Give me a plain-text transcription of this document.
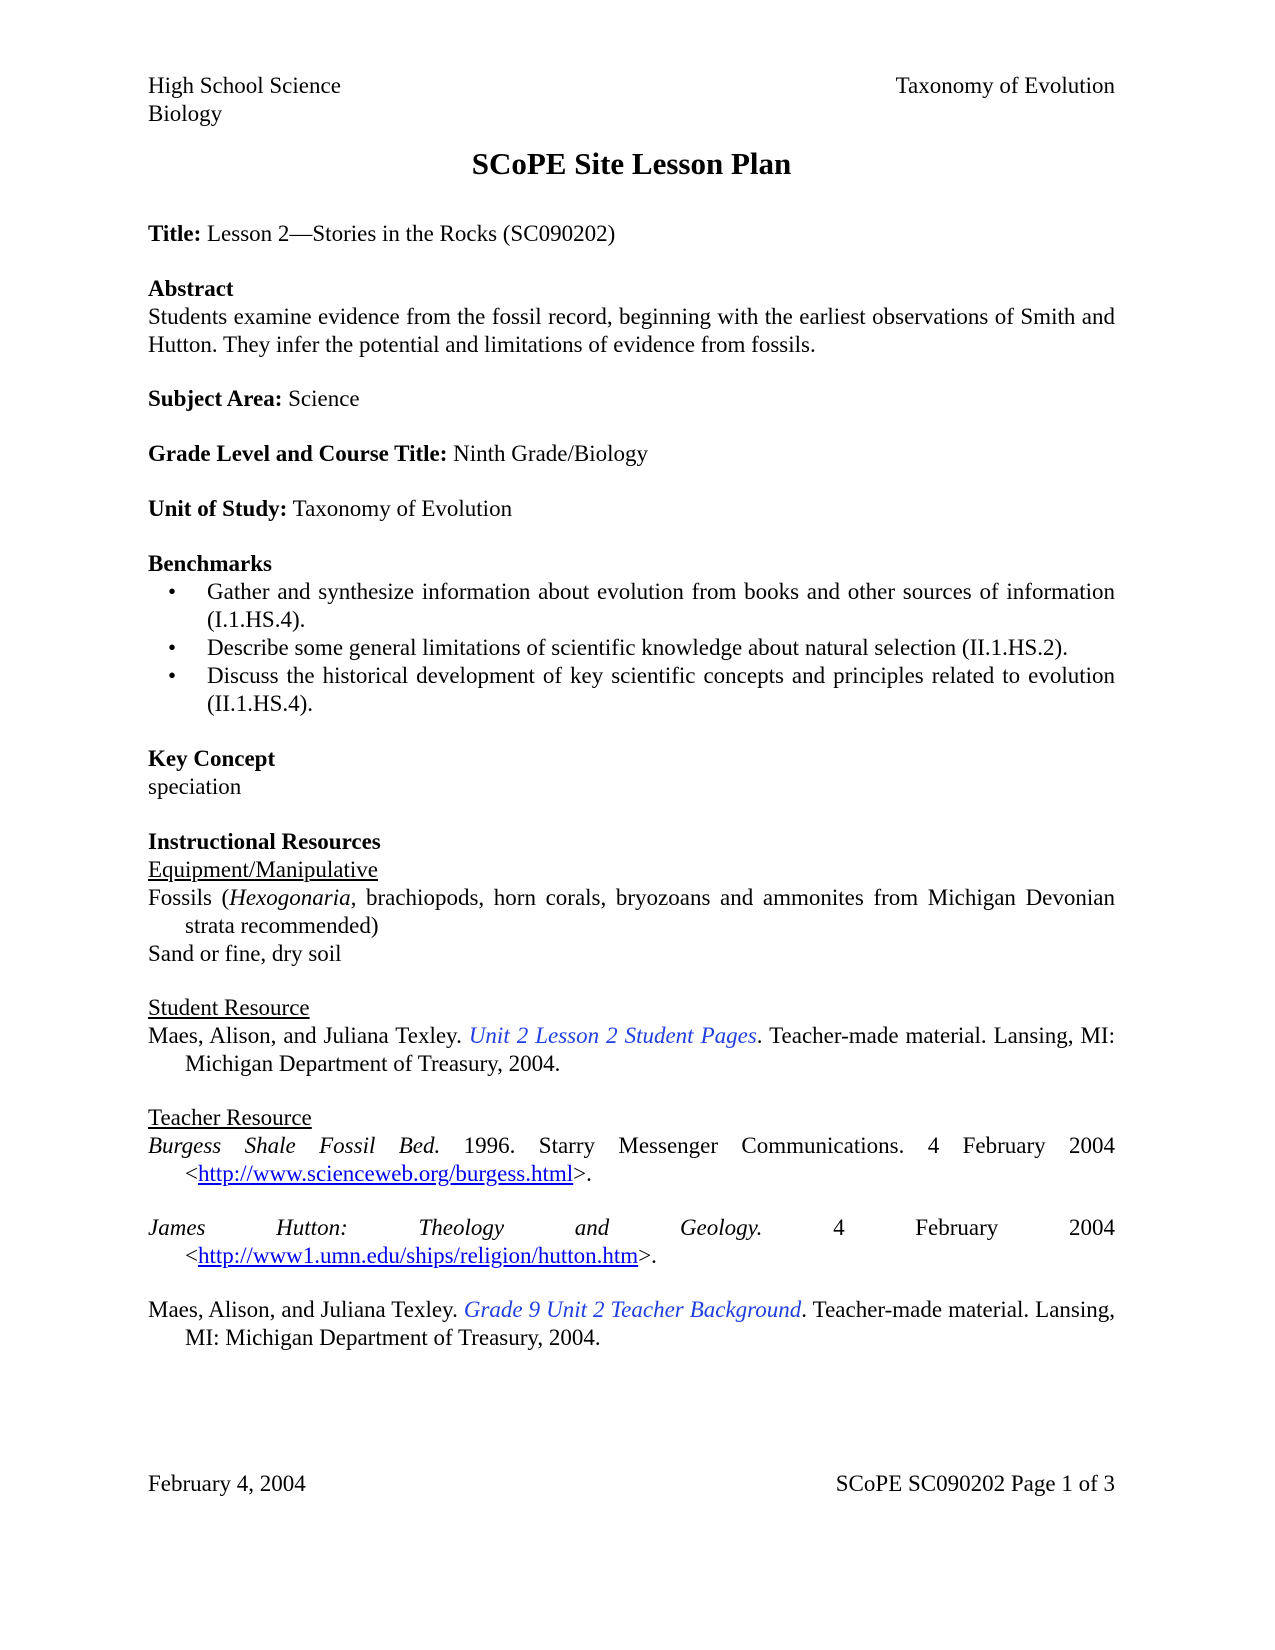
High School Science	Taxonomy of Evolution
Biology
SCoPE Site Lesson Plan

Title: Lesson 2—Stories in the Rocks (SC090202)

Abstract

Students examine evidence from the fossil record, beginning with the earliest observations of Smith and Hutton. They infer the potential and limitations of evidence from fossils.

Subject Area: Science

Grade Level and Course Title: Ninth Grade/Biology

Unit of Study: Taxonomy of Evolution

Benchmarks

• Gather and synthesize information about evolution from books and other sources of information (I.1.HS.4).
• Describe some general limitations of scientific knowledge about natural selection (II.1.HS.2).
• Discuss the historical development of key scientific concepts and principles related to evolution (II.1.HS.4).

Key Concept

speciation

Instructional Resources

Equipment/Manipulative

Fossils (Hexogonaria, brachiopods, horn corals, bryozoans and ammonites from Michigan Devonian strata recommended)

Sand or fine, dry soil

Student Resource

Maes, Alison, and Juliana Texley. Unit 2 Lesson 2 Student Pages. Teacher-made material. Lansing, MI: Michigan Department of Treasury, 2004.

Teacher Resource

Burgess Shale Fossil Bed. 1996. Starry Messenger Communications. 4 February 2004 <http://www.scienceweb.org/burgess.html>.

James Hutton: Theology and Geology. 4 February 2004 <http://www1.umn.edu/ships/religion/hutton.htm>.

Maes, Alison, and Juliana Texley. Grade 9 Unit 2 Teacher Background. Teacher-made material. Lansing, MI: Michigan Department of Treasury, 2004.

February 4, 2004	SCoPE SC090202 Page 1 of 3
